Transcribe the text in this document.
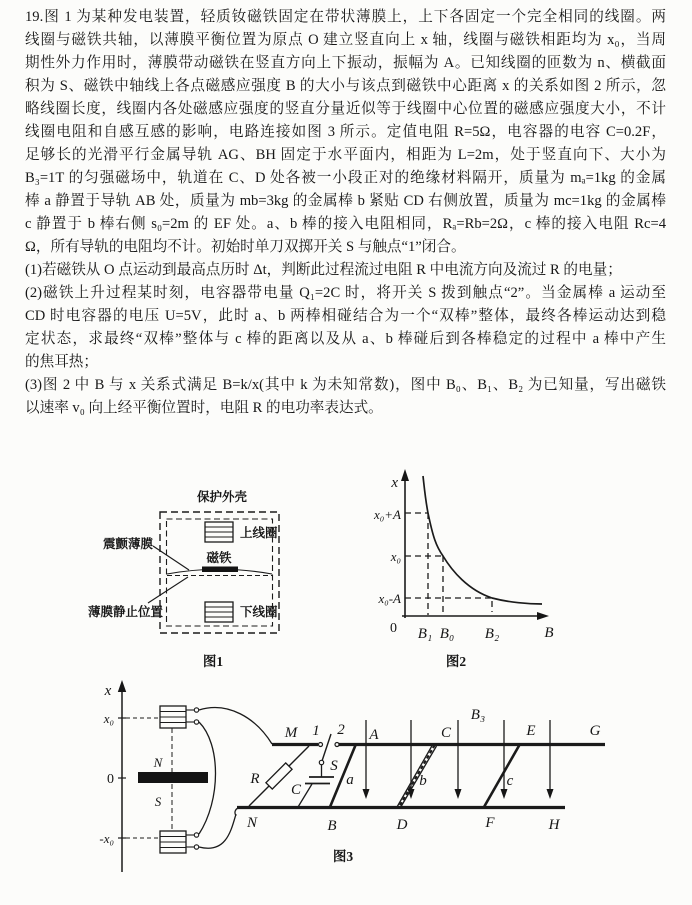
19.图 1 为某种发电装置，轻质钕磁铁固定在带状薄膜上，上下各固定一个完全相同的线圈。两
线圈与磁铁共轴，以薄膜平衡位置为原点 O 建立竖直向上 x 轴，线圈与磁铁相距均为 x₀，当周
期性外力作用时，薄膜带动磁铁在竖直方向上下振动，振幅为 A。已知线圈的匝数为 n、横截面
积为 S、磁铁中轴线上各点磁感应强度 B 的大小与该点到磁铁中心距离 x 的关系如图 2 所示，忽
略线圈长度，线圈内各处磁感应强度的竖直分量近似等于线圈中心位置的磁感应强度大小，不计
线圈电阻和自感互感的影响，电路连接如图 3 所示。定值电阻 R=5Ω，电容器的电容 C=0.2F，
足够长的光滑平行金属导轨 AG、BH 固定于水平面内，相距为 L=2m，处于竖直向下、大小为
B₃=1T 的匀强磁场中，轨道在 C、D 处各被一小段正对的绝缘材料隔开，质量为 mₐ=1kg 的金属
棒 a 静置于导轨 AB 处，质量为 mb=3kg 的金属棒 b 紧贴 CD 右侧放置，质量为 mc=1kg 的金属棒
c 静置于 b 棒右侧 s₀=2m 的 EF 处。a、b 棒的接入电阻相同，Rₐ=Rb=2Ω，c 棒的接入电阻 Rc=4
Ω，所有导轨的电阻均不计。初始时单刀双掷开关 S 与触点“1”闭合。
(1)若磁铁从 O 点运动到最高点历时 Δt，判断此过程流过电阻 R 中电流方向及流过 R 的电量；
(2)磁铁上升过程某时刻，电容器带电量 Q₁=2C 时，将开关 S 拨到触点“2”。当金属棒 a 运动至
CD 时电容器的电压 U=5V，此时 a、b 两棒相碰结合为一个“双棒”整体，最终各棒运动达到稳
定状态，求最终“双棒”整体与 c 棒的距离以及从 a、b 棒碰后到各棒稳定的过程中 a 棒中产生
的焦耳热；
(3)图 2 中 B 与 x 关系式满足 B=k/x(其中 k 为未知常数)，图中 B₀、B₁、B₂ 为已知量，写出磁铁
以速率 v₀ 向上经平衡位置时，电阻 R 的电功率表达式。
保护外壳
上线圈
磁铁
下线圈
震颤薄膜
薄膜静止位置
图1
x
x₀+A
x₀
x₀-A
0 B₁ B₀ B₂	B
图2
x
x₀
0
-x₀
N
S
M
N
1 2
S
C
R	a	b	c
B₃
A	C	E	G
B	D	F	H
图3
